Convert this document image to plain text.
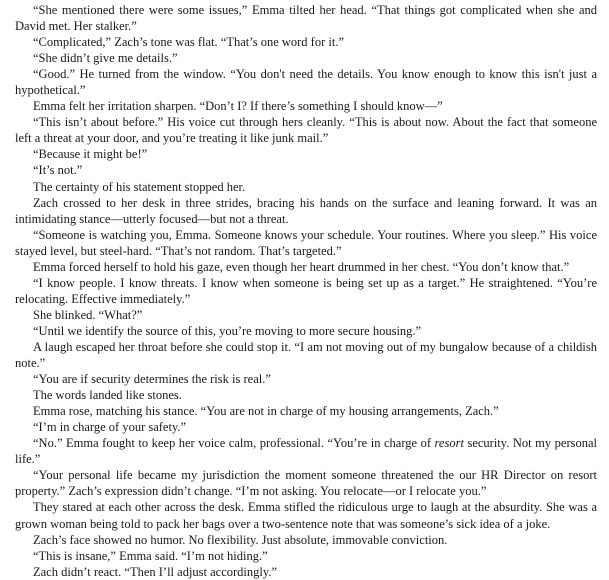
“She mentioned there were some issues,” Emma tilted her head. “That things got complicated when she and David met. Her stalker.”

“Complicated,” Zach’s tone was flat. “That’s one word for it.”

“She didn’t give me details.”

“Good.” He turned from the window. “You don't need the details. You know enough to know this isn't just a hypothetical.”

Emma felt her irritation sharpen. “Don’t I? If there’s something I should know—”

“This isn’t about before.” His voice cut through hers cleanly. “This is about now. About the fact that someone left a threat at your door, and you’re treating it like junk mail.”

“Because it might be!”

“It’s not.”

The certainty of his statement stopped her.

Zach crossed to her desk in three strides, bracing his hands on the surface and leaning forward. It was an intimidating stance—utterly focused—but not a threat.

“Someone is watching you, Emma. Someone knows your schedule. Your routines. Where you sleep.” His voice stayed level, but steel-hard. “That’s not random. That’s targeted.”

Emma forced herself to hold his gaze, even though her heart drummed in her chest. “You don’t know that.”

“I know people. I know threats. I know when someone is being set up as a target.” He straightened. “You’re relocating. Effective immediately.”

She blinked. “What?”

“Until we identify the source of this, you’re moving to more secure housing.”

A laugh escaped her throat before she could stop it. “I am not moving out of my bungalow because of a childish note.”

“You are if security determines the risk is real.”

The words landed like stones.

Emma rose, matching his stance. “You are not in charge of my housing arrangements, Zach.”

“I’m in charge of your safety.”

“No.” Emma fought to keep her voice calm, professional. “You’re in charge of resort security. Not my personal life.”

“Your personal life became my jurisdiction the moment someone threatened the our HR Director on resort property.” Zach’s expression didn’t change. “I’m not asking. You relocate—or I relocate you.”

They stared at each other across the desk. Emma stifled the ridiculous urge to laugh at the absurdity. She was a grown woman being told to pack her bags over a two-sentence note that was someone’s sick idea of a joke.

Zach’s face showed no humor. No flexibility. Just absolute, immovable conviction.

“This is insane,” Emma said. “I’m not hiding.”

Zach didn’t react. “Then I’ll adjust accordingly.”
